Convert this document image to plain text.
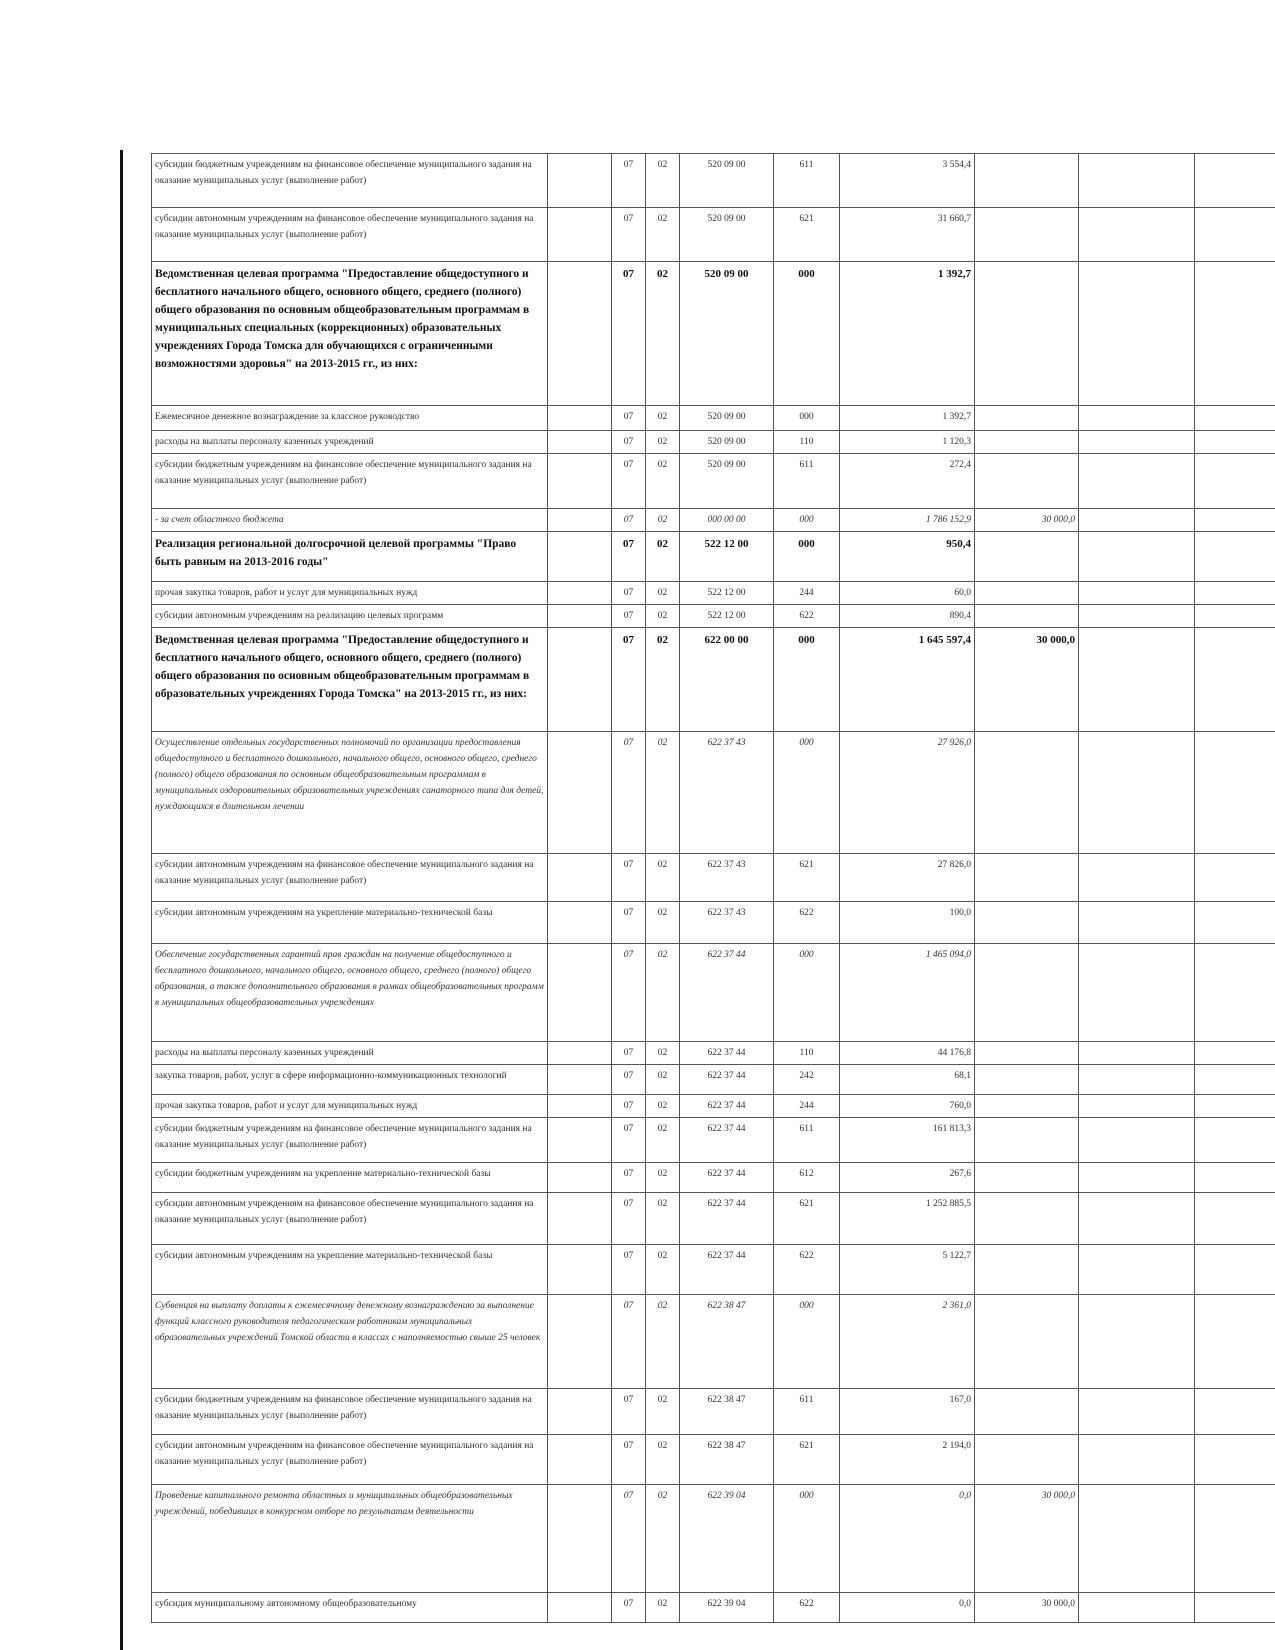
субсидии бюджетным учреждениям на финансовое обеспечение муниципального задания на оказание муниципальных услуг (выполнение работ)		07	02	520 09 00	611	3 554,4			
субсидии автономным учреждениям на финансовое обеспечение муниципального задания на оказание муниципальных услуг (выполнение работ)		07	02	520 09 00	621	31 660,7			
Ведомственная целевая программа "Предоставление общедоступного и бесплатного начального общего, основного общего, среднего (полного) общего образования по основным общеобразовательным программам в муниципальных специальных (коррекционных) образовательных учреждениях Города Томска для обучающихся с ограниченными возможностями здоровья" на 2013-2015 гг., из них:		07	02	520 09 00	000	1 392,7			
Ежемесячное денежное вознаграждение за классное руководство		07	02	520 09 00	000	1 392,7			
расходы на выплаты персоналу казенных учреждений		07	02	520 09 00	110	1 120,3			
субсидии бюджетным учреждениям на финансовое обеспечение муниципального задания на оказание муниципальных услуг (выполнение работ)		07	02	520 09 00	611	272,4			
- за счет областного бюджета		07	02	000 00 00	000	1 786 152,9	30 000,0		
Реализация региональной долгосрочной целевой программы "Право быть равным на 2013-2016 годы"		07	02	522 12 00	000	950,4			
прочая закупка товаров, работ и услуг для муниципальных нужд		07	02	522 12 00	244	60,0			
субсидии автономным учреждениям на реализацию целевых программ		07	02	522 12 00	622	890,4			
Ведомственная целевая программа "Предоставление общедоступного и бесплатного начального общего, основного общего, среднего (полного) общего образования по основным общеобразовательным программам в образовательных учреждениях Города Томска" на 2013-2015 гг., из них:		07	02	622 00 00	000	1 645 597,4	30 000,0		
Осуществление отдельных государственных полномочий по организации предоставления общедоступного и бесплатного дошкольного, начального общего, основного общего, среднего (полного) общего образования по основным общеобразовательным программам в муниципальных оздоровительных образовательных учреждениях санаторного типа для детей, нуждающихся в длительном лечении		07	02	622 37 43	000	27 926,0			
субсидии автономным учреждениям на финансовое обеспечение муниципального задания на оказание муниципальных услуг (выполнение работ)		07	02	622 37 43	621	27 826,0			
субсидии автономным учреждениям на укрепление материально-технической базы		07	02	622 37 43	622	100,0			
Обеспечение государственных гарантий прав граждан на получение общедоступного и бесплатного дошкольного, начального общего, основного общего, среднего (полного) общего образования, а также дополнительного образования в рамках общеобразовательных программ в муниципальных общеобразовательных учреждениях		07	02	622 37 44	000	1 465 094,0			
расходы на выплаты персоналу казенных учреждений		07	02	622 37 44	110	44 176,8			
закупка товаров, работ, услуг в сфере информационно-коммуникационных технологий		07	02	622 37 44	242	68,1			
прочая закупка товаров, работ и услуг для муниципальных нужд		07	02	622 37 44	244	760,0			
субсидии бюджетным учреждениям на финансовое обеспечение муниципального задания на оказание муниципальных услуг (выполнение работ)		07	02	622 37 44	611	161 813,3			
субсидии бюджетным учреждениям на укрепление материально-технической базы		07	02	622 37 44	612	267,6			
субсидии автономным учреждениям на финансовое обеспечение муниципального задания на оказание муниципальных услуг (выполнение работ)		07	02	622 37 44	621	1 252 885,5			
субсидии автономным учреждениям на укрепление материально-технической базы		07	02	622 37 44	622	5 122,7			
Субвенция на выплату доплаты к ежемесячному денежному вознаграждению за выполнение функций классного руководителя педагогическим работникам муниципальных образовательных учреждений Томской области в классах с наполняемостью свыше 25 человек		07	02	622 38 47	000	2 361,0			
субсидии бюджетным учреждениям на финансовое обеспечение муниципального задания на оказание муниципальных услуг (выполнение работ)		07	02	622 38 47	611	167,0			
субсидии автономным учреждениям на финансовое обеспечение муниципального задания на оказание муниципальных услуг (выполнение работ)		07	02	622 38 47	621	2 194,0			
Проведение капитального ремонта областных и муниципальных общеобразовательных учреждений, победивших в конкурсном отборе по результатам деятельности		07	02	622 39 04	000	0,0	30 000,0		
субсидия муниципальному автономному общеобразовательному		07	02	622 39 04	622	0,0	30 000,0		
